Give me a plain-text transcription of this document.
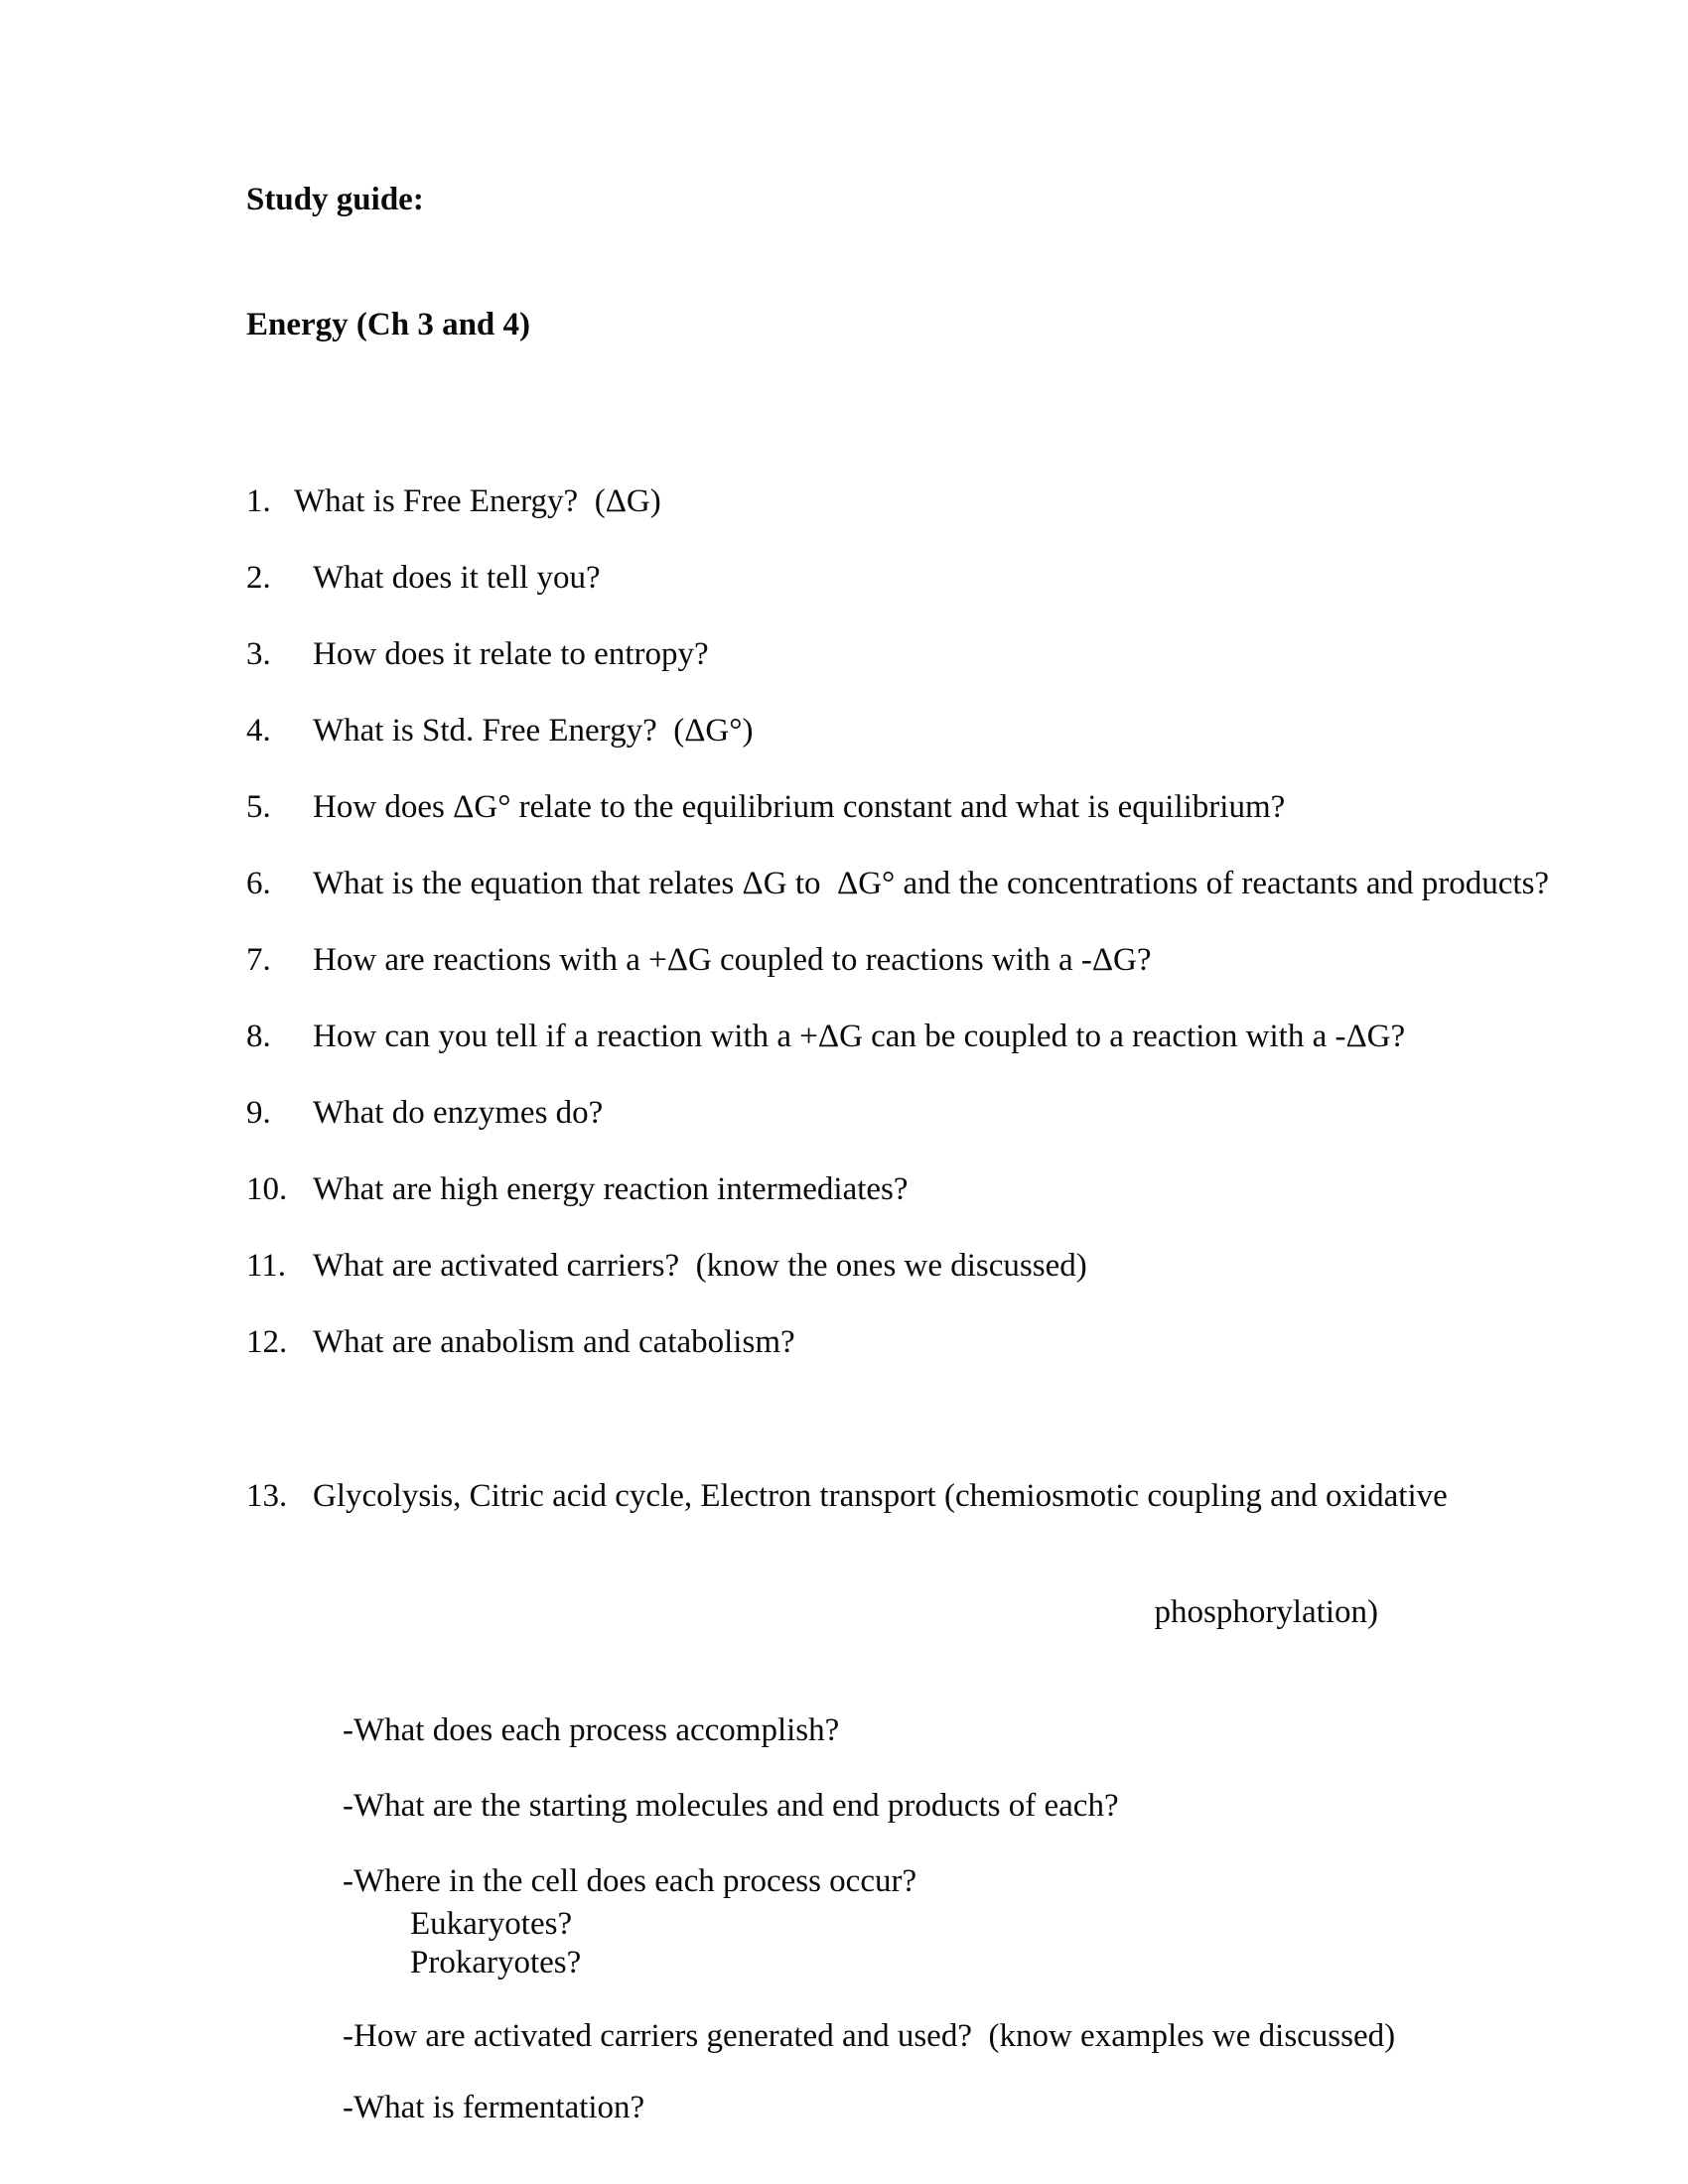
Study guide:

Energy (Ch 3 and 4)

1. What is Free Energy?  (ΔG)
2. What does it tell you?
3. How does it relate to entropy?
4. What is Std. Free Energy?  (ΔG°)
5. How does ΔG° relate to the equilibrium constant and what is equilibrium?
6. What is the equation that relates ΔG to  ΔG° and the concentrations of reactants and products?
7. How are reactions with a +ΔG coupled to reactions with a -ΔG?
8. How can you tell if a reaction with a +ΔG can be coupled to a reaction with a -ΔG?
9. What do enzymes do?
10. What are high energy reaction intermediates?
11. What are activated carriers?  (know the ones we discussed)
12. What are anabolism and catabolism?

13. Glycolysis, Citric acid cycle, Electron transport (chemiosmotic coupling and oxidative

phosphorylation)

-What does each process accomplish?
-What are the starting molecules and end products of each?
-Where in the cell does each process occur?
Eukaryotes?
Prokaryotes?
-How are activated carriers generated and used?  (know examples we discussed)
-What is fermentation?
